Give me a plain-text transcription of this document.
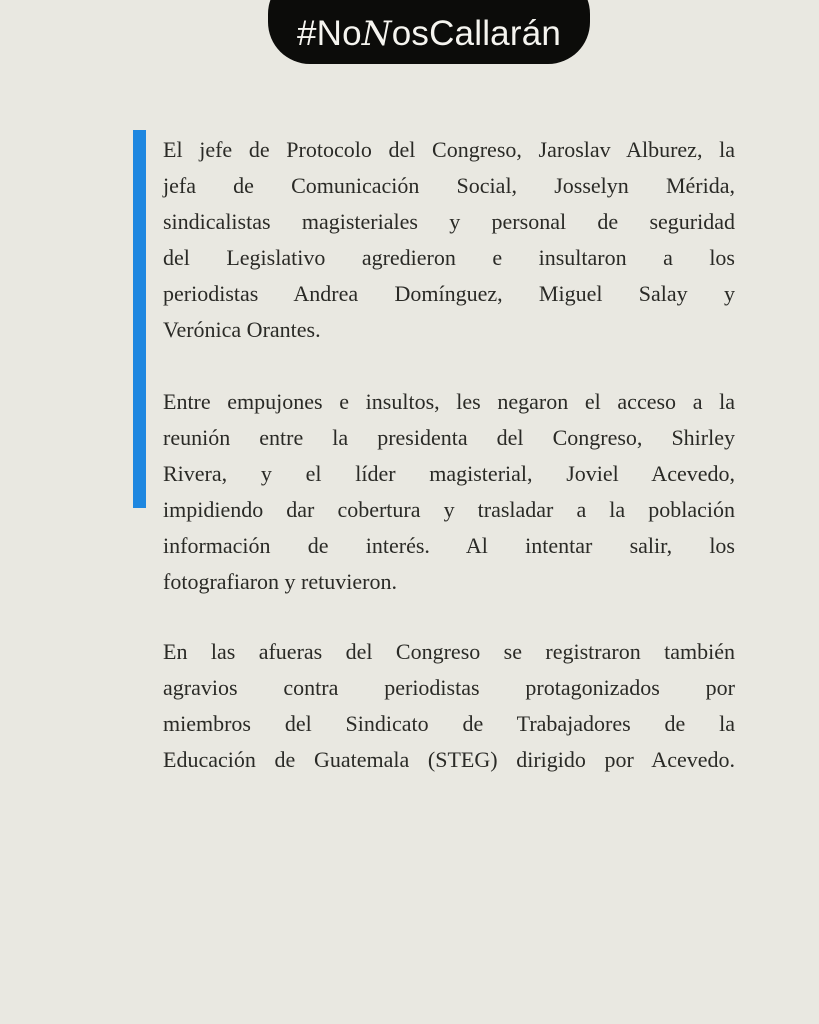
#NoNosCallarán
El jefe de Protocolo del Congreso, Jaroslav Alburez, la
jefa de Comunicación Social, Josselyn Mérida,
sindicalistas magisteriales y personal de seguridad
del Legislativo agredieron e insultaron a los
periodistas Andrea Domínguez, Miguel Salay y
Verónica Orantes.
Entre empujones e insultos, les negaron el acceso a la
reunión entre la presidenta del Congreso, Shirley
Rivera, y el líder magisterial, Joviel Acevedo,
impidiendo dar cobertura y trasladar a la población
información de interés. Al intentar salir, los
fotografiaron y retuvieron.
En las afueras del Congreso se registraron también
agravios contra periodistas protagonizados por
miembros del Sindicato de Trabajadores de la
Educación de Guatemala (STEG) dirigido por Acevedo.
